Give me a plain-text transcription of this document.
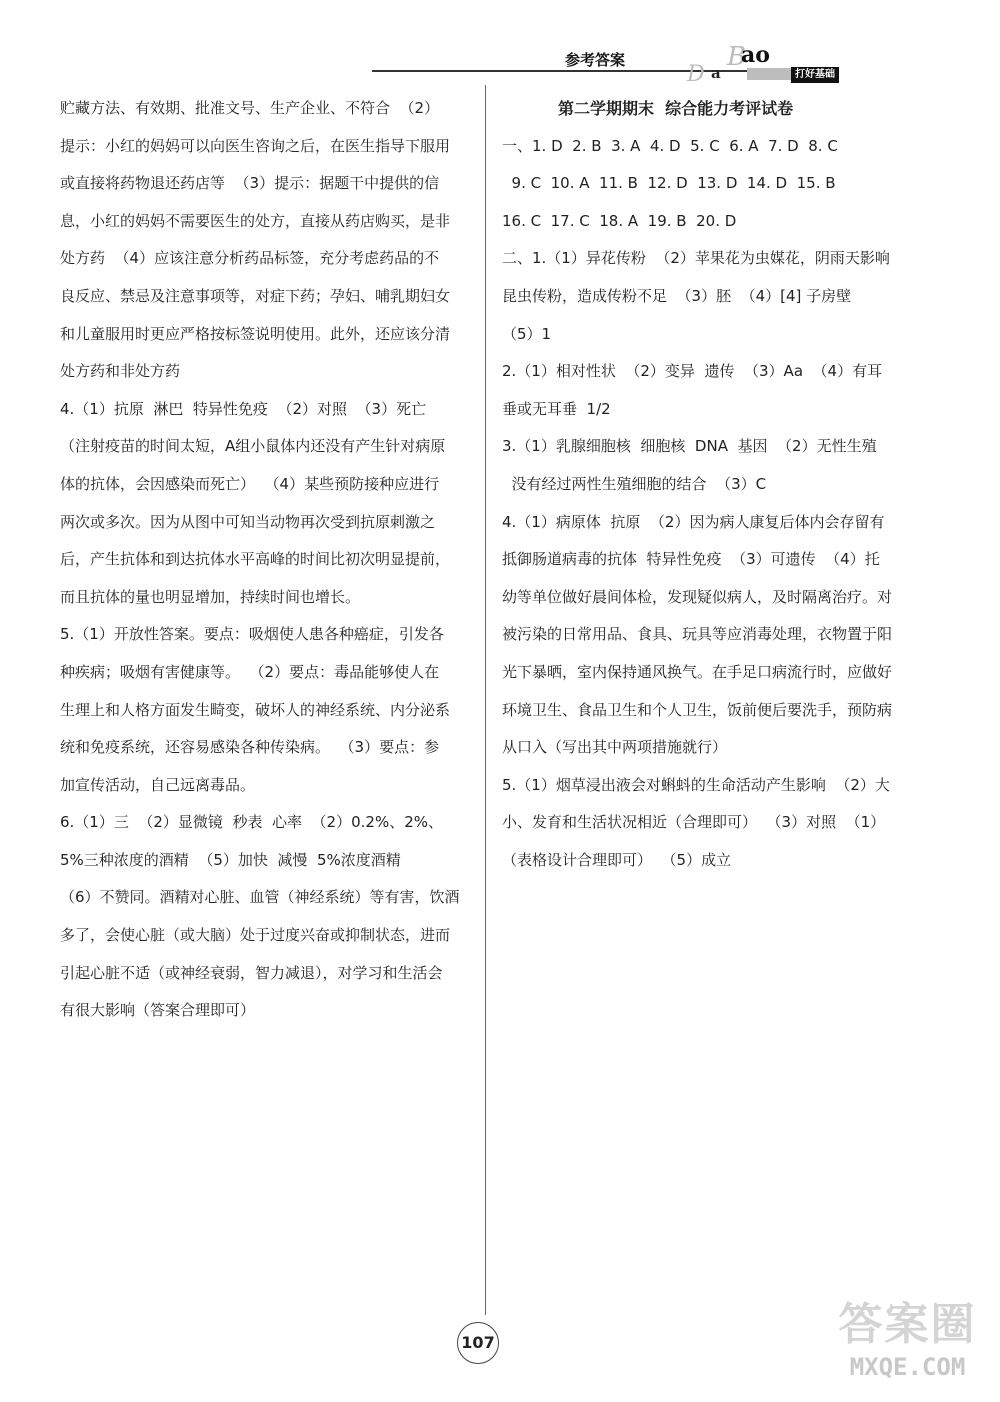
参考答案
D a
B
ao
打好基础
贮藏方法、有效期、批准文号、生产企业、不符合  （2）
提示：小红的妈妈可以向医生咨询之后，在医生指导下服用
或直接将药物退还药店等  （3）提示：据题干中提供的信
息，小红的妈妈不需要医生的处方，直接从药店购买，是非
处方药  （4）应该注意分析药品标签，充分考虑药品的不
良反应、禁忌及注意事项等，对症下药；孕妇、哺乳期妇女
和儿童服用时更应严格按标签说明使用。此外，还应该分清
处方药和非处方药
4.（1）抗原  淋巴  特异性免疫  （2）对照  （3）死亡
（注射疫苗的时间太短，A组小鼠体内还没有产生针对病原
体的抗体，会因感染而死亡）  （4）某些预防接种应进行
两次或多次。因为从图中可知当动物再次受到抗原刺激之
后，产生抗体和到达抗体水平高峰的时间比初次明显提前，
而且抗体的量也明显增加，持续时间也增长。
5.（1）开放性答案。要点：吸烟使人患各种癌症，引发各
种疾病；吸烟有害健康等。  （2）要点：毒品能够使人在
生理上和人格方面发生畸变，破坏人的神经系统、内分泌系
统和免疫系统，还容易感染各种传染病。  （3）要点：参
加宣传活动，自己远离毒品。
6.（1）三  （2）显微镜  秒表  心率  （2）0.2%、2%、
5%三种浓度的酒精  （5）加快  减慢  5%浓度酒精
（6）不赞同。酒精对心脏、血管（神经系统）等有害，饮酒
多了，会使心脏（或大脑）处于过度兴奋或抑制状态，进而
引起心脏不适（或神经衰弱，智力减退），对学习和生活会
有很大影响（答案合理即可）
第二学期期末  综合能力考评试卷
一、1. D  2. B  3. A  4. D  5. C  6. A  7. D  8. C
9. C  10. A  11. B  12. D  13. D  14. D  15. B
16. C  17. C  18. A  19. B  20. D
二、1.（1）异花传粉  （2）苹果花为虫媒花，阴雨天影响
昆虫传粉，造成传粉不足  （3）胚  （4）[4] 子房壁
（5）1
2.（1）相对性状  （2）变异  遗传  （3）Aa  （4）有耳
垂或无耳垂  1/2
3.（1）乳腺细胞核  细胞核  DNA  基因  （2）无性生殖
没有经过两性生殖细胞的结合  （3）C
4.（1）病原体  抗原  （2）因为病人康复后体内会存留有
抵御肠道病毒的抗体  特异性免疫  （3）可遗传  （4）托
幼等单位做好晨间体检，发现疑似病人，及时隔离治疗。对
被污染的日常用品、食具、玩具等应消毒处理，衣物置于阳
光下暴晒，室内保持通风换气。在手足口病流行时，应做好
环境卫生、食品卫生和个人卫生，饭前便后要洗手，预防病
从口入（写出其中两项措施就行）
5.（1）烟草浸出液会对蝌蚪的生命活动产生影响  （2）大
小、发育和生活状况相近（合理即可）  （3）对照  （1）
（表格设计合理即可）  （5）成立
107	答案圈
MXQE.COM
